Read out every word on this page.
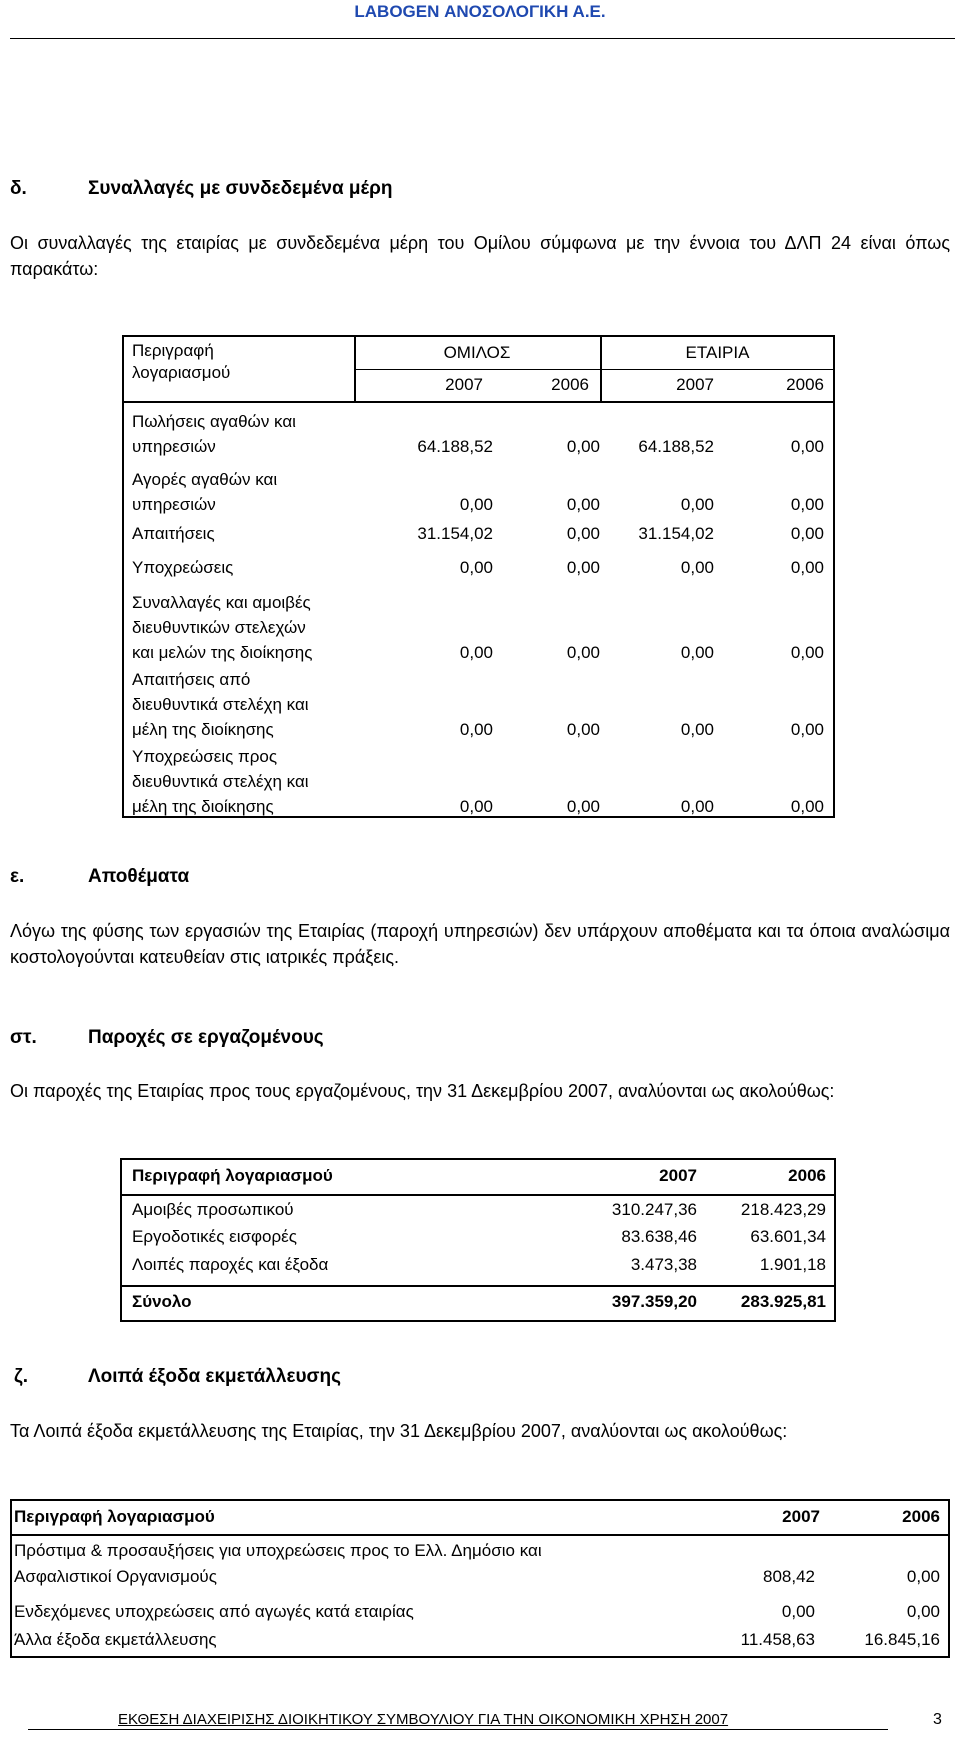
LABOGEN ΑΝΟΣΟΛΟΓΙΚΗ Α.Ε.
δ.	Συναλλαγές με συνδεδεμένα μέρη
Οι συναλλαγές της εταιρίας με συνδεδεμένα μέρη του Ομίλου σύμφωνα με την έννοια του ΔΛΠ 24 είναι όπως παρακάτω:
Περιγραφή
λογαριασμού
ΟΜΙΛΟΣ	ΕΤΑΙΡΙΑ
2007	2006	2007	2006
Πωλήσεις αγαθών και
υπηρεσιών	64.188,52	0,00	64.188,52	0,00
Αγορές αγαθών και
υπηρεσιών	0,00	0,00	0,00	0,00
Απαιτήσεις	31.154,02	0,00	31.154,02	0,00
Υποχρεώσεις	0,00	0,00	0,00	0,00
Συναλλαγές και αμοιβές
διευθυντικών στελεχών
και μελών της διοίκησης	0,00	0,00	0,00	0,00
Απαιτήσεις από
διευθυντικά στελέχη και
μέλη της διοίκησης	0,00	0,00	0,00	0,00
Υποχρεώσεις προς
διευθυντικά στελέχη και
μέλη της διοίκησης	0,00	0,00	0,00	0,00
ε.	Αποθέματα
Λόγω της φύσης των εργασιών της Εταιρίας (παροχή υπηρεσιών) δεν υπάρχουν αποθέματα και τα όποια αναλώσιμα κοστολογούνται κατευθείαν στις ιατρικές πράξεις.
στ.	Παροχές σε εργαζομένους
Οι παροχές της Εταιρίας προς τους εργαζομένους, την 31 Δεκεμβρίου 2007, αναλύονται ως ακολούθως:
Περιγραφή λογαριασμού	2007	2006
Αμοιβές προσωπικού	310.247,36	218.423,29
Εργοδοτικές εισφορές	83.638,46	63.601,34
Λοιπές παροχές και έξοδα	3.473,38	1.901,18
Σύνολο	397.359,20	283.925,81
ζ.	Λοιπά έξοδα εκμετάλλευσης
Τα Λοιπά έξοδα εκμετάλλευσης της Εταιρίας, την 31 Δεκεμβρίου 2007, αναλύονται ως ακολούθως:
Περιγραφή λογαριασμού	2007	2006
Πρόστιμα & προσαυξήσεις για υποχρεώσεις προς το Ελλ. Δημόσιο και
Ασφαλιστικοί Οργανισμούς	808,42	0,00
Ενδεχόμενες υποχρεώσεις από αγωγές κατά εταιρίας	0,00	0,00
Άλλα έξοδα εκμετάλλευσης	11.458,63	16.845,16
ΕΚΘΕΣΗ ΔΙΑΧΕΙΡΙΣΗΣ ΔΙΟΙΚΗΤΙΚΟΥ ΣΥΜΒΟΥΛΙΟΥ ΓΙΑ ΤΗΝ ΟΙΚΟΝΟΜΙΚΗ ΧΡΗΣΗ 2007	3
